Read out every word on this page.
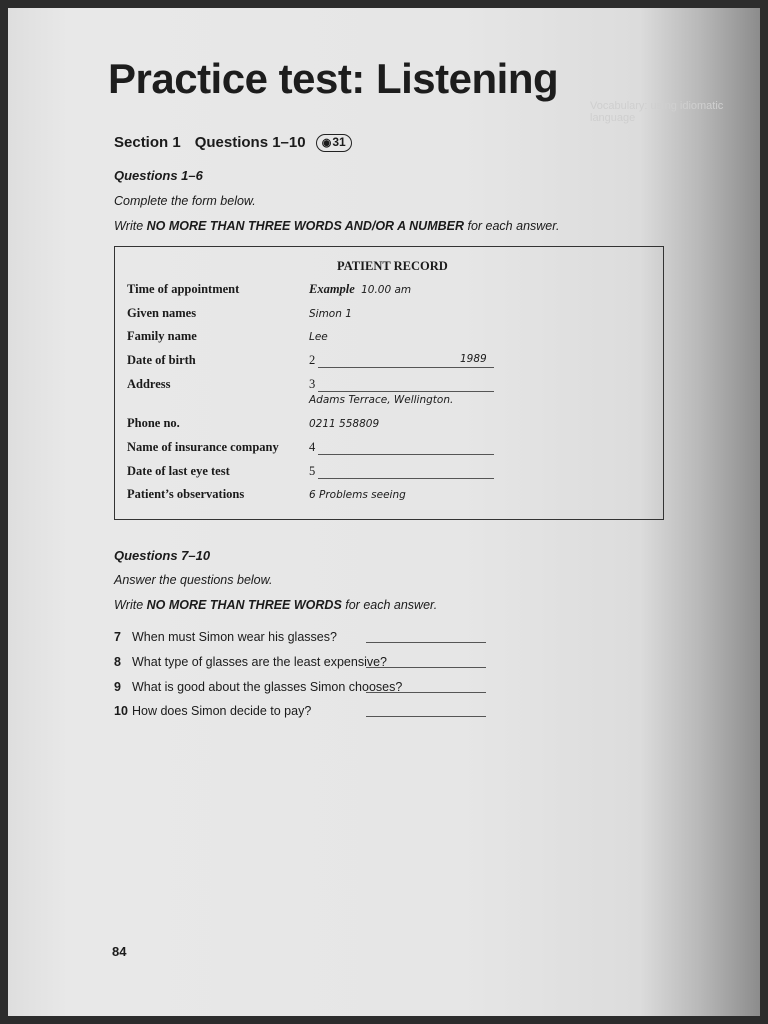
Vocabulary: using idiomatic language
Practice test: Listening
Section 1 Questions 1–10 ◉31
Questions 1–6
Complete the form below.
Write NO MORE THAN THREE WORDS AND/OR A NUMBER for each answer.
PATIENT RECORD
Time of appointment	Example 10.00 am
Given names	Simon 1
Family name	Lee
Date of birth	2	1989
Address	3
Adams Terrace, Wellington.
Phone no.	0211 558809
Name of insurance company 4
Date of last eye test	5
Patient’s observations	6 Problems seeing
Questions 7–10
Answer the questions below.
Write NO MORE THAN THREE WORDS for each answer.
7 When must Simon wear his glasses?
8 What type of glasses are the least expensive?
9 What is good about the glasses Simon chooses?
10 How does Simon decide to pay?
84
